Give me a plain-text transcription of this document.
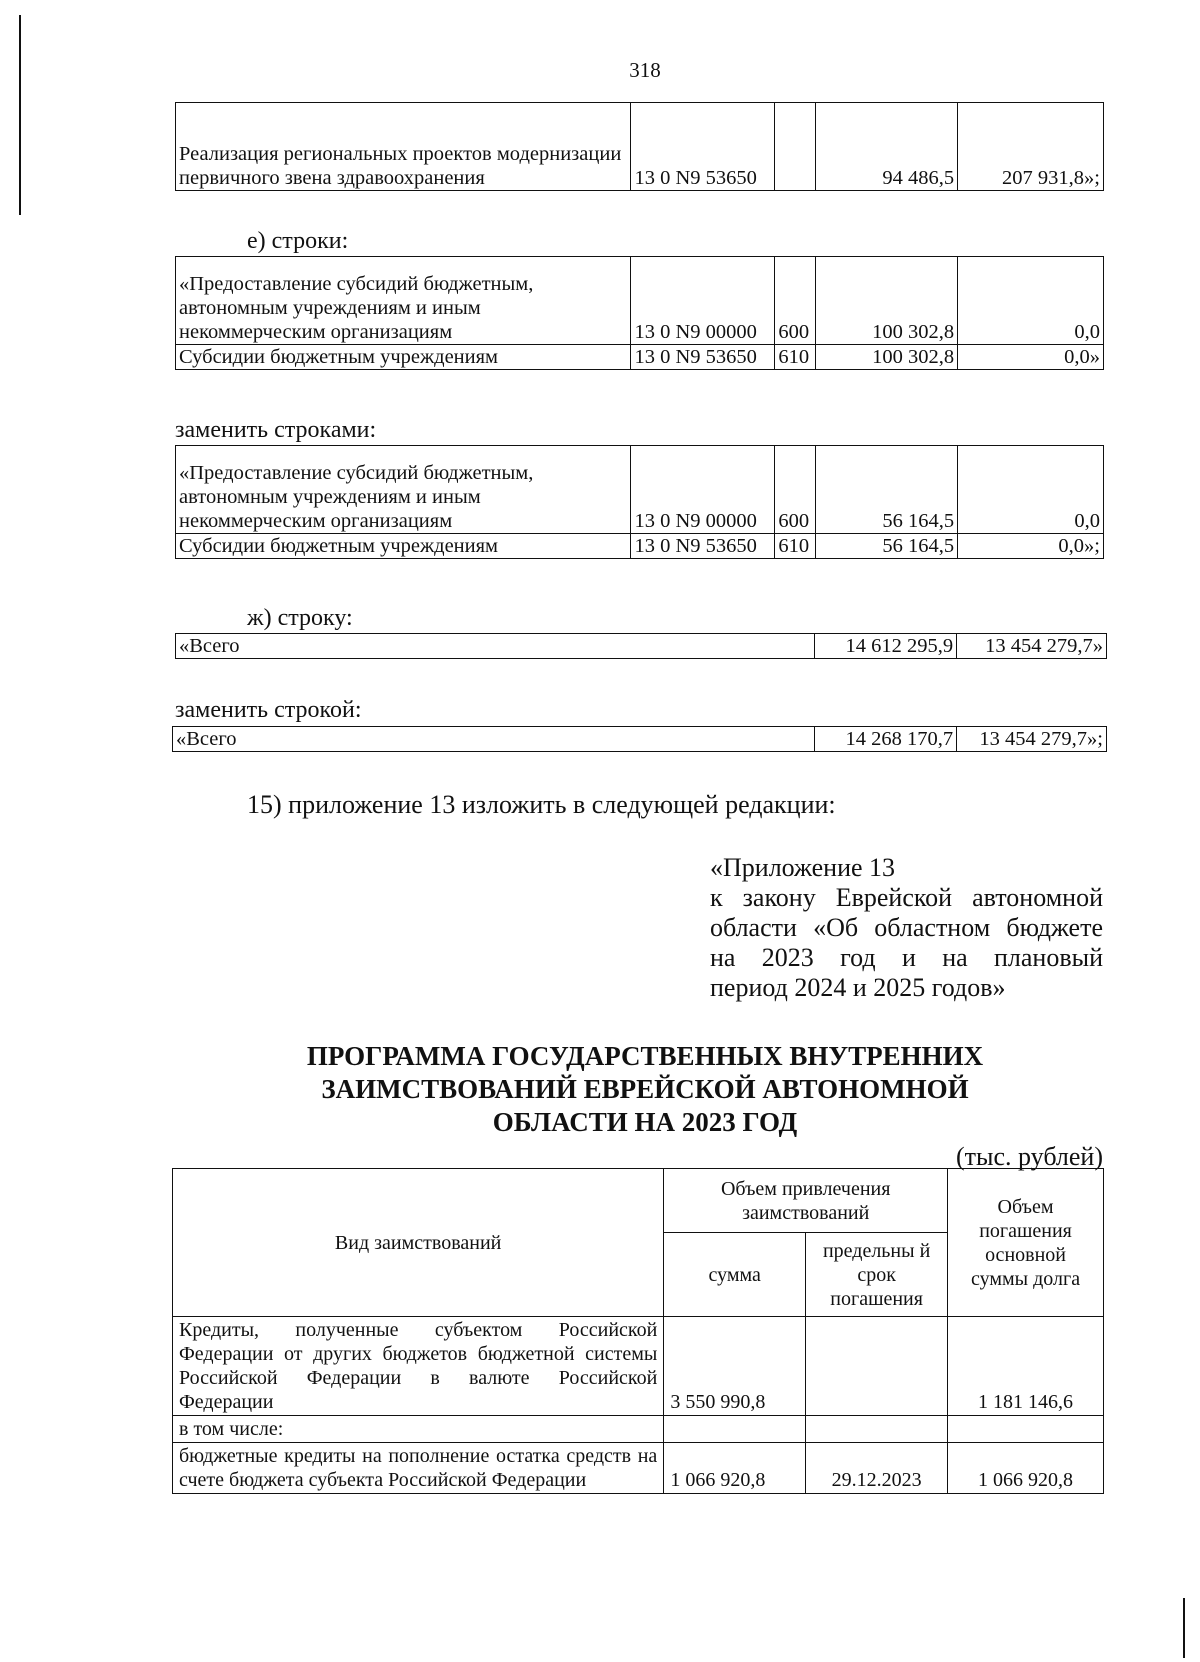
318
Реализация региональных проектов модернизации первичного звена здравоохранения	13 0 N9 53650		94 486,5	207 931,8»;
е) строки:
«Предоставление субсидий бюджетным, автономным учреждениям и иным некоммерческим организациям	13 0 N9 00000	600	100 302,8	0,0
Субсидии бюджетным учреждениям	13 0 N9 53650	610	100 302,8	0,0»
заменить строками:
«Предоставление субсидий бюджетным, автономным учреждениям и иным некоммерческим организациям	13 0 N9 00000	600	56 164,5	0,0
Субсидии бюджетным учреждениям	13 0 N9 53650	610	56 164,5	0,0»;
ж) строку:
«Всего	14 612 295,9	13 454 279,7»
заменить строкой:
«Всего	14 268 170,7	13 454 279,7»;
15) приложение 13 изложить в следующей редакции:
«Приложение 13
к закону Еврейской автономной
области «Об областном бюджете
на 2023 год и на плановый
период 2024 и 2025 годов»
ПРОГРАММА ГОСУДАРСТВЕННЫХ ВНУТРЕННИХ
ЗАИМСТВОВАНИЙ ЕВРЕЙСКОЙ АВТОНОМНОЙ
ОБЛАСТИ НА 2023 ГОД
(тыс. рублей)
Вид заимствований	Объем привлечения заимствований		Объем погашения основной суммы долга
	сумма	предельны й срок погашения	
Кредиты, полученные субъектом Российской Федерации от других бюджетов бюджетной системы Российской Федерации в валюте Российской Федерации	3 550 990,8		1 181 146,6
в том числе:			
бюджетные кредиты на пополнение остатка средств на счете бюджета субъекта Российской Федерации	1 066 920,8	29.12.2023	1 066 920,8
